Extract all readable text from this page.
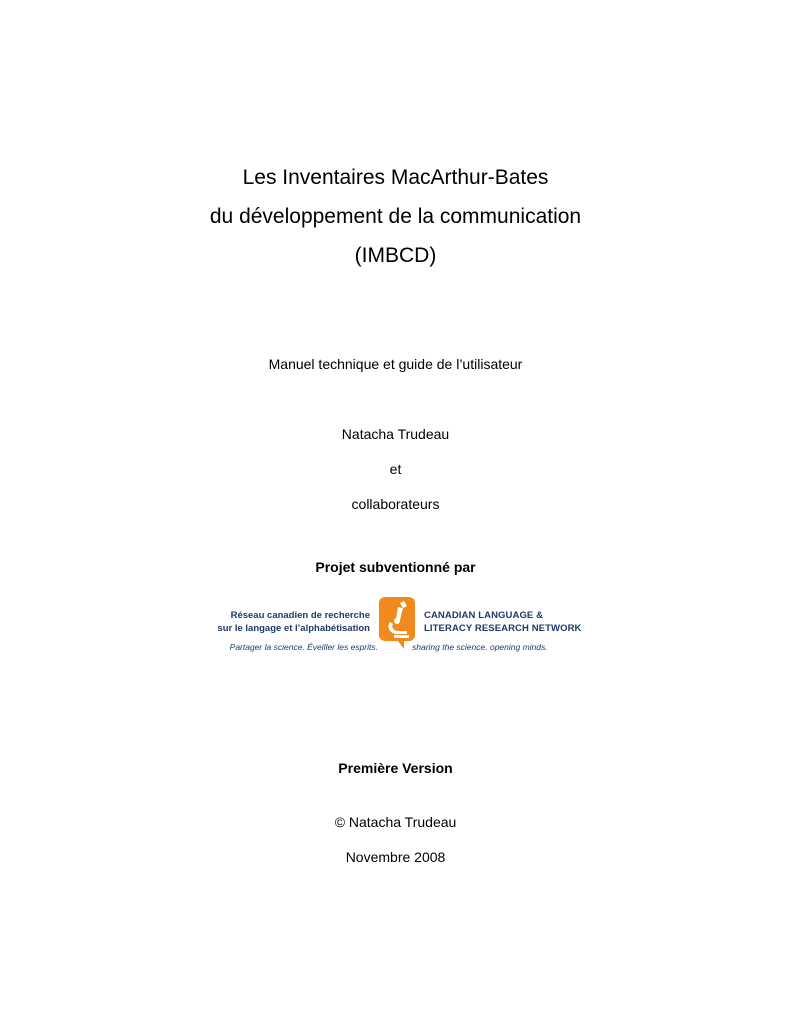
Les Inventaires MacArthur-Bates
du développement de la communication
(IMBCD)
Manuel technique et guide de l’utilisateur
Natacha Trudeau
et
collaborateurs
Projet subventionné par
Réseau canadien de recherche
sur le langage et l’alphabétisation
CANADIAN LANGUAGE &
LITERACY RESEARCH NETWORK
Partager la science. Éveiller les esprits.	sharing the science. opening minds.
Première Version
© Natacha Trudeau
Novembre 2008
